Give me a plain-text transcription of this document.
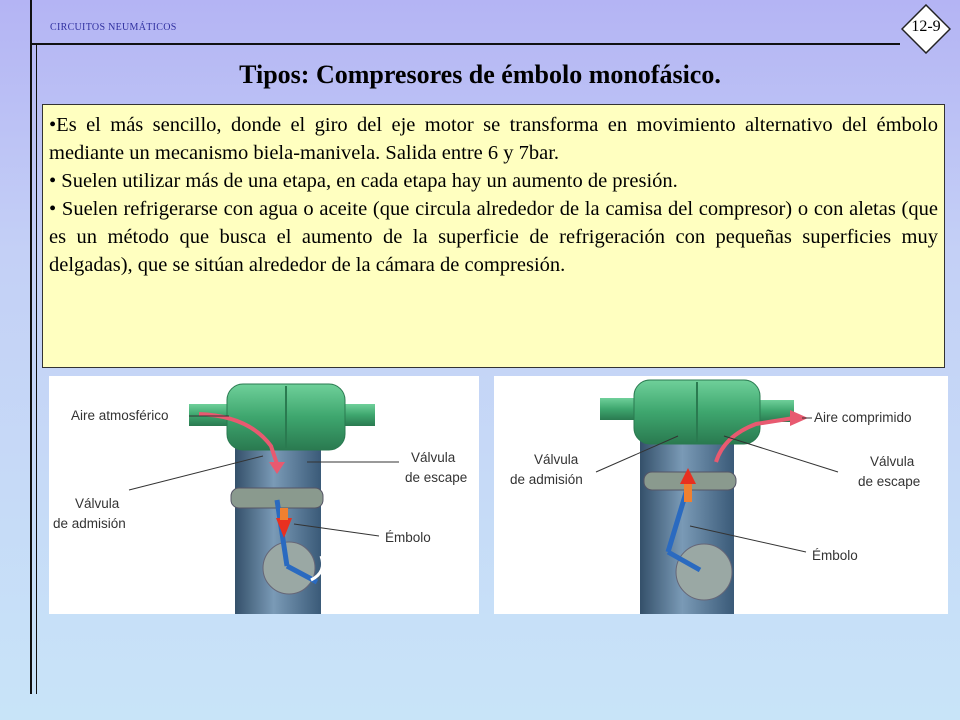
CIRCUITOS NEUMÁTICOS	12-9
Tipos: Compresores de émbolo monofásico.

•Es el más sencillo, donde el giro del eje motor se transforma en movimiento alternativo del émbolo mediante un mecanismo biela-manivela. Salida entre 6 y 7bar.

• Suelen utilizar más de una etapa, en cada etapa hay un aumento de presión.

• Suelen refrigerarse con agua o aceite (que circula alrededor de la camisa del compresor) o con aletas (que es un método que busca el aumento de la superficie de refrigeración con pequeñas superficies muy delgadas), que se sitúan alrededor de la cámara de compresión.

Aire atmosférico
Válvula
de escape
Válvula
de admisión
Émbolo
Aire comprimido
Válvula
de admisión
Válvula
de escape
Émbolo
